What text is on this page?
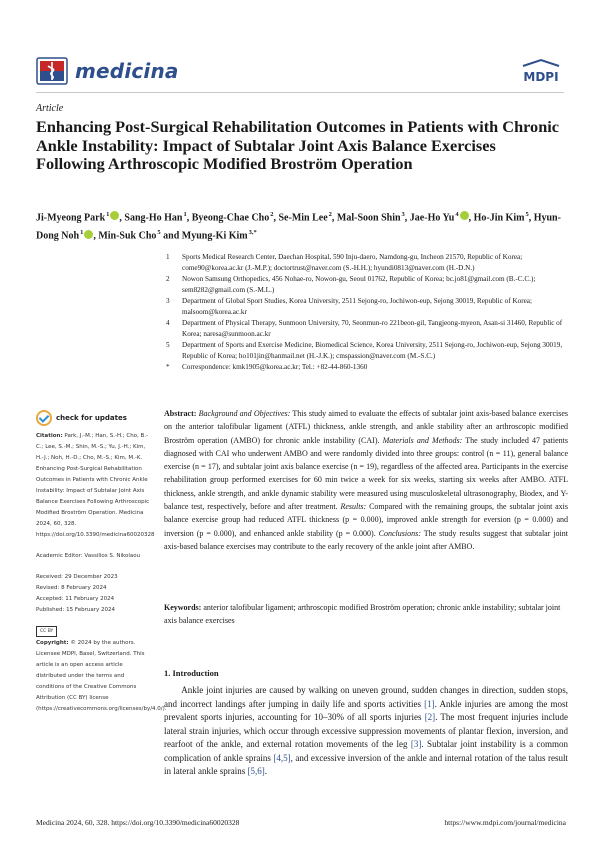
medicina	MDPI
Article
Enhancing Post-Surgical Rehabilitation Outcomes in Patients with Chronic Ankle Instability: Impact of Subtalar Joint Axis Balance Exercises Following Arthroscopic Modified Broström Operation
Ji-Myeong Park$^1$ , Sang-Ho Han$^1$, Byeong-Chae Cho$^2$, Se-Min Lee$^2$, Mal-Soon Shin$^3$, Jae-Ho Yu$^4$ , Ho-Jin Kim$^5$, Hyun-Dong Noh$^1$ , Min-Suk Cho$^5$ and Myung-Ki Kim$^{3,*}$
1 Sports Medical Research Center, Daechan Hospital, 590 Inju-daero, Namdong-gu, Incheon 21570, Republic of Korea; come90@korea.ac.kr (J.-M.P.); doctortrust@naver.com (S.-H.H.); hyundi0813@naver.com (H.-D.N.)
2 Nowon Samsung Orthopedics, 456 Nohae-ro, Nowon-gu, Seoul 01762, Republic of Korea; bc.jo81@gmail.com (B.-C.C.); sem8282@gmail.com (S.-M.L.)
3 Department of Global Sport Studies, Korea University, 2511 Sejong-ro, Jochiwon-eup, Sejong 30019, Republic of Korea; malsoom@korea.ac.kr
4 Department of Physical Therapy, Sunmoon University, 70, Seonmun-ro 221beon-gil, Tangjeong-myeon, Asan-si 31460, Republic of Korea; naresa@sunmoon.ac.kr
5 Department of Sports and Exercise Medicine, Biomedical Science, Korea University, 2511 Sejong-ro, Jochiwon-eup, Sejong 30019, Republic of Korea; ho101jin@hanmail.net (H.-J.K.); cmspassion@naver.com (M.-S.C.)
* Correspondence: kmk1905@korea.ac.kr; Tel.: +82-44-860-1360
check for updates
Citation: Park, J.-M.; Han, S.-H.; Cho, B.-C.; Lee, S.-M.; Shin, M.-S.; Yu, J.-H.; Kim, H.-J.; Noh, H.-D.; Cho, M.-S.; Kim, M.-K. Enhancing Post-Surgical Rehabilitation Outcomes in Patients with Chronic Ankle Instability: Impact of Subtalar Joint Axis Balance Exercises Following Arthroscopic Modified Broström Operation. Medicina 2024, 60, 328. https://doi.org/10.3390/medicina60020328
Academic Editor: Vassilios S. Nikolaou
Received: 29 December 2023
Revised: 8 February 2024
Accepted: 11 February 2024
Published: 15 February 2024
CC BY
Copyright: © 2024 by the authors. Licensee MDPI, Basel, Switzerland. This article is an open access article distributed under the terms and conditions of the Creative Commons Attribution (CC BY) license (https://creativecommons.org/licenses/by/4.0/).
Abstract: Background and Objectives: This study aimed to evaluate the effects of subtalar joint axis-based balance exercises on the anterior talofibular ligament (ATFL) thickness, ankle strength, and ankle stability after an arthroscopic modified Broström operation (AMBO) for chronic ankle instability (CAI). Materials and Methods: The study included 47 patients diagnosed with CAI who underwent AMBO and were randomly divided into three groups: control (n = 11), general balance exercise (n = 17), and subtalar joint axis balance exercise (n = 19), regardless of the affected area. Participants in the exercise rehabilitation group performed exercises for 60 min twice a week for six weeks, starting six weeks after AMBO. ATFL thickness, ankle strength, and ankle dynamic stability were measured using musculoskeletal ultrasonography, Biodex, and Y-balance test, respectively, before and after treatment. Results: Compared with the remaining groups, the subtalar joint axis balance exercise group had reduced ATFL thickness (p = 0.000), improved ankle strength for eversion (p = 0.000) and inversion (p = 0.000), and enhanced ankle stability (p = 0.000). Conclusions: The study results suggest that subtalar joint axis-based balance exercises may contribute to the early recovery of the ankle joint after AMBO.
Keywords: anterior talofibular ligament; arthroscopic modified Broström operation; chronic ankle instability; subtalar joint axis balance exercises
1. Introduction
Ankle joint injuries are caused by walking on uneven ground, sudden changes in direction, sudden stops, and incorrect landings after jumping in daily life and sports activities [1]. Ankle injuries are among the most prevalent sports injuries, accounting for 10–30% of all sports injuries [2]. The most frequent injuries include lateral strain injuries, which occur through excessive suppression movements of plantar flexion, inversion, and rearfoot of the ankle, and external rotation movements of the leg [3]. Subtalar joint instability is a common complication of ankle sprains [4,5], and excessive inversion of the ankle and internal rotation of the talus result in lateral ankle sprains [5,6].
Medicina 2024, 60, 328. https://doi.org/10.3390/medicina60020328	https://www.mdpi.com/journal/medicina
